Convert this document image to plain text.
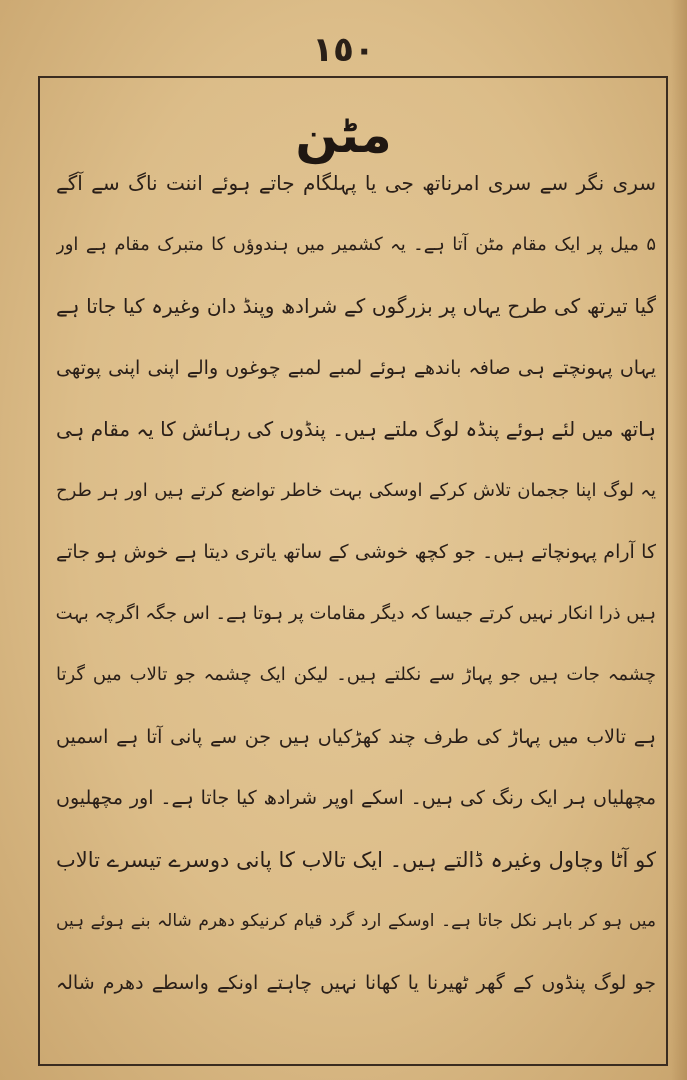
١٥٠
مٹن
سری نگر سے سری امرناتھ جی یا پہلگام جاتے ہوئے اننت ناگ سے آگے
۵ میل پر ایک مقام مٹن آتا ہے۔ یہ کشمیر میں ہندوؤں کا متبرک مقام ہے اور
گیا تیرتھ کی طرح یہاں پر بزرگوں کے شرادھ وپنڈ دان وغیرہ کیا جاتا ہے
یہاں پہونچتے ہی صافہ باندھے ہوئے لمبے لمبے چوغوں والے اپنی اپنی پوتھی
ہاتھ میں لئے ہوئے پنڈہ لوگ ملتے ہیں۔ پنڈوں کی رہائش کا یہ مقام ہی
یہ لوگ اپنا ججمان تلاش کرکے اوسکی بہت خاطر تواضع کرتے ہیں اور ہر طرح
کا آرام پہونچاتے ہیں۔ جو کچھ خوشی کے ساتھ یاتری دیتا ہے خوش ہو جاتے
ہیں ذرا انکار نہیں کرتے جیسا کہ دیگر مقامات پر ہوتا ہے۔ اس جگہ اگرچہ بہت
چشمہ جات ہیں جو پہاڑ سے نکلتے ہیں۔ لیکن ایک چشمہ جو تالاب میں گرتا
ہے تالاب میں پہاڑ کی طرف چند کھڑکیاں ہیں جن سے پانی آتا ہے اسمیں
مچھلیاں ہر ایک رنگ کی ہیں۔ اسکے اوپر شرادھ کیا جاتا ہے۔ اور مچھلیوں
کو آٹا وچاول وغیرہ ڈالتے ہیں۔ ایک تالاب کا پانی دوسرے تیسرے تالاب
میں ہو کر باہر نکل جاتا ہے۔ اوسکے ارد گرد قیام کرنیکو دھرم شالہ بنے ہوئے ہیں
جو لوگ پنڈوں کے گھر ٹھیرنا یا کھانا نہیں چاہتے اونکے واسطے دھرم شالہ
